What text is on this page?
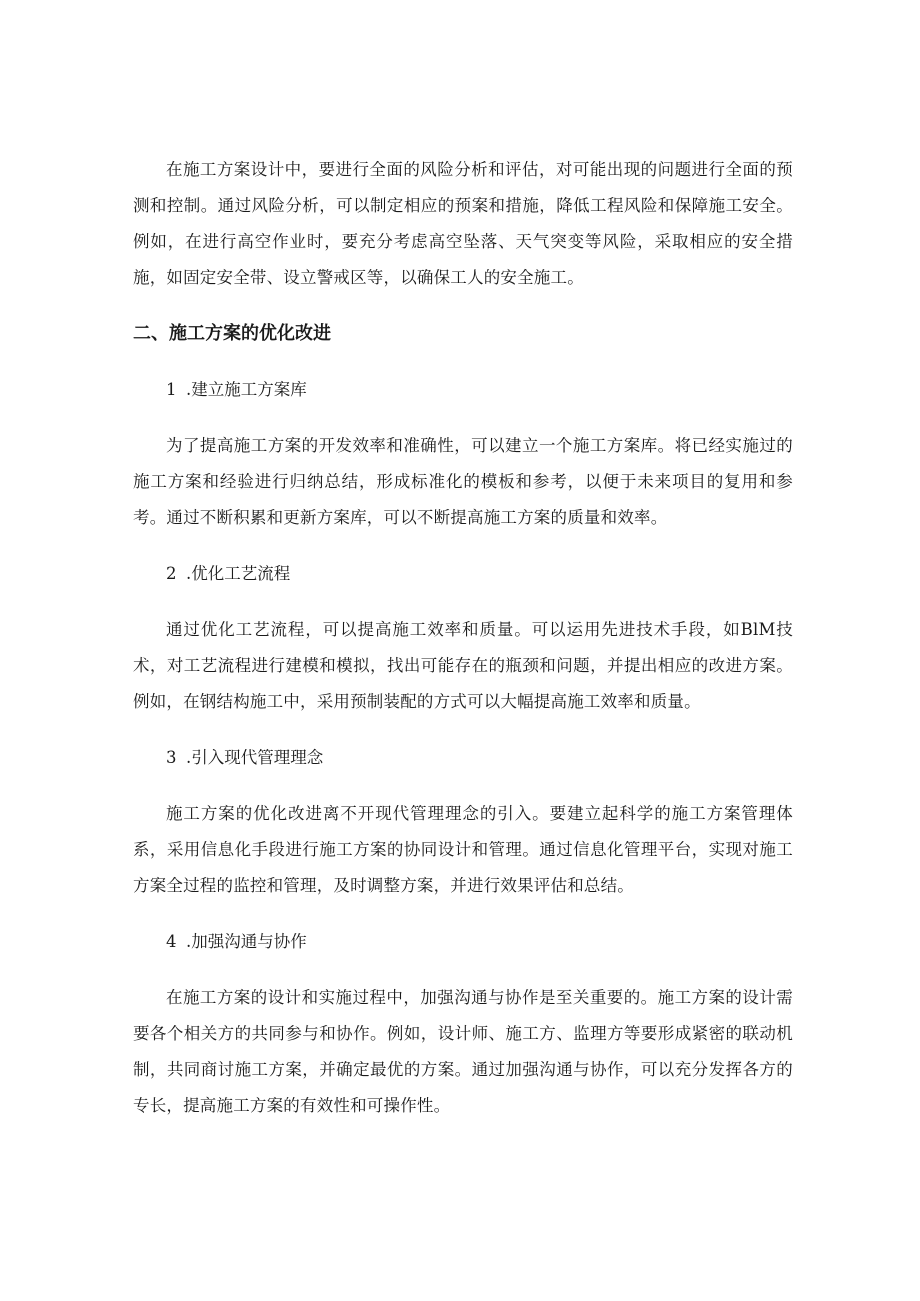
在施工方案设计中，要进行全面的风险分析和评估，对可能出现的问题进行全面的预测和控制。通过风险分析，可以制定相应的预案和措施，降低工程风险和保障施工安全。例如，在进行高空作业时，要充分考虑高空坠落、天气突变等风险，采取相应的安全措施，如固定安全带、设立警戒区等，以确保工人的安全施工。

二、施工方案的优化改进
1 .建立施工方案库

为了提高施工方案的开发效率和准确性，可以建立一个施工方案库。将已经实施过的施工方案和经验进行归纳总结，形成标准化的模板和参考，以便于未来项目的复用和参考。通过不断积累和更新方案库，可以不断提高施工方案的质量和效率。

2 .优化工艺流程

通过优化工艺流程，可以提高施工效率和质量。可以运用先进技术手段，如BlM技术，对工艺流程进行建模和模拟，找出可能存在的瓶颈和问题，并提出相应的改进方案。例如，在钢结构施工中，采用预制装配的方式可以大幅提高施工效率和质量。

3 .引入现代管理理念

施工方案的优化改进离不开现代管理理念的引入。要建立起科学的施工方案管理体系，采用信息化手段进行施工方案的协同设计和管理。通过信息化管理平台，实现对施工方案全过程的监控和管理，及时调整方案，并进行效果评估和总结。

4 .加强沟通与协作

在施工方案的设计和实施过程中，加强沟通与协作是至关重要的。施工方案的设计需要各个相关方的共同参与和协作。例如，设计师、施工方、监理方等要形成紧密的联动机制，共同商讨施工方案，并确定最优的方案。通过加强沟通与协作，可以充分发挥各方的专长，提高施工方案的有效性和可操作性。
